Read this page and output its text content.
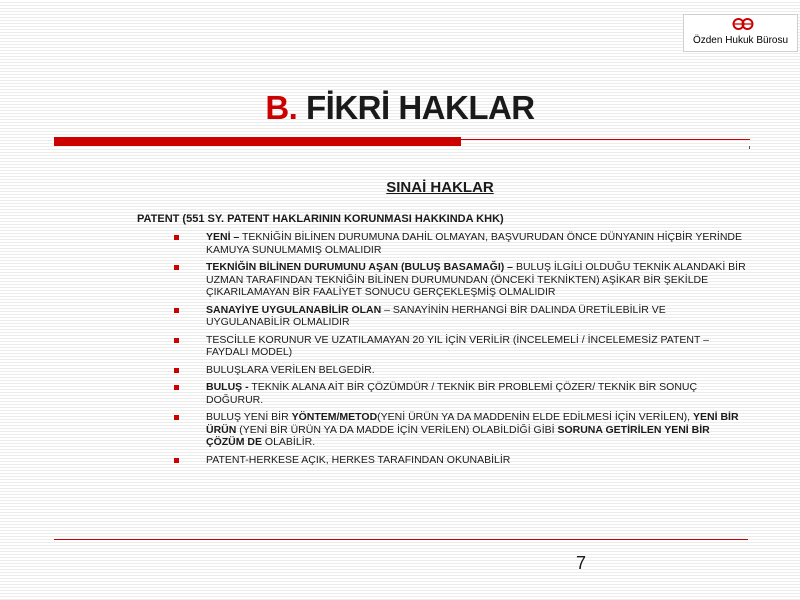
Özden Hukuk Bürosu
B. FİKRİ HAKLAR
SINAİ HAKLAR
PATENT (551 SY. PATENT HAKLARININ KORUNMASI HAKKINDA KHK)
YENİ – TEKNİĞİN BİLİNEN DURUMUNA DAHİL OLMAYAN, BAŞVURUDAN ÖNCE DÜNYANIN HİÇBİR YERİNDE KAMUYA SUNULMAMIŞ OLMALIDIR
TEKNİĞİN BİLİNEN DURUMUNU AŞAN (BULUŞ BASAMAĞI) – BULUŞ İLGİLİ OLDUĞU TEKNİK ALANDAKİ BİR UZMAN TARAFINDAN TEKNİĞİN BİLİNEN DURUMUNDAN (ÖNCEKİ TEKNİKTEN) AŞİKAR BİR ŞEKİLDE ÇIKARILAMAYAN BİR FAALİYET SONUCU GERÇEKLEŞMİŞ OLMALIDIR
SANAYİYE UYGULANABİLİR OLAN – SANAYİNİN HERHANGİ BİR DALINDA ÜRETİLEBİLİR VE UYGULANABİLİR OLMALIDIR
TESCİLLE KORUNUR VE UZATILAMAYAN 20 YIL İÇİN VERİLİR (İNCELEMELİ / İNCELEMESİZ PATENT –FAYDALI MODEL)
BULUŞLARA VERİLEN BELGEDİR.
BULUŞ - TEKNİK ALANA AİT BİR ÇÖZÜMDÜR / TEKNİK BİR PROBLEMİ ÇÖZER/ TEKNİK BİR SONUÇ DOĞURUR.
BULUŞ YENİ BİR YÖNTEM/METOD(YENİ ÜRÜN YA DA MADDENİN ELDE EDİLMESİ İÇİN VERİLEN), YENİ BİR ÜRÜN (YENİ BİR ÜRÜN YA DA MADDE İÇİN VERİLEN) OLABİLDİĞİ GİBİ SORUNA GETİRİLEN YENİ BİR ÇÖZÜM DE OLABİLİR.
PATENT-HERKESE AÇIK, HERKES TARAFINDAN OKUNABİLİR
7
